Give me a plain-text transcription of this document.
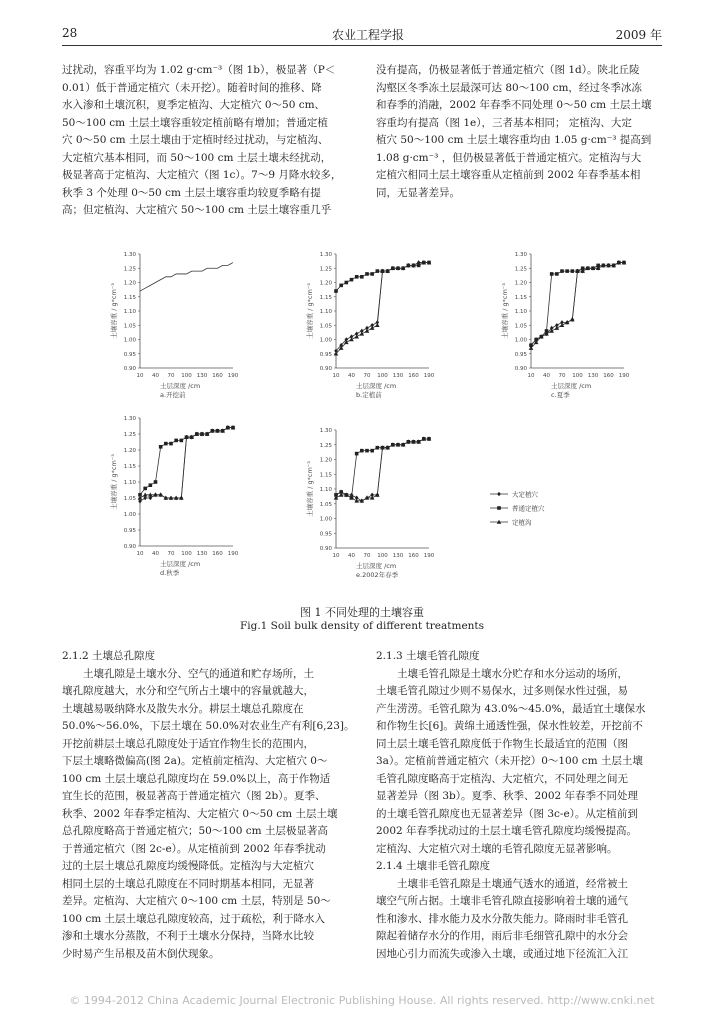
28	农业工程学报	2009 年

过扰动，容重平均为 1.02 g·cm⁻³（图 1b），极显著（P＜

0.01）低于普通定植穴（未开挖）。随着时间的推移、降

水入渗和土壤沉积，夏季定植沟、大定植穴 0～50 cm、

50～100 cm 土层土壤容重较定植前略有增加；普通定植

穴 0～50 cm 土层土壤由于定植时经过扰动，与定植沟、

大定植穴基本相同，而 50～100 cm 土层土壤未经扰动，

极显著高于定植沟、大定植穴（图 1c）。7～9 月降水较多，

秋季 3 个处理 0～50 cm 土层土壤容重均较夏季略有提

高；但定植沟、大定植穴 50～100 cm 土层土壤容重几乎

没有提高，仍极显著低于普通定植穴（图 1d）。陕北丘陵

沟壑区冬季冻土层最深可达 80～100 cm，经过冬季冰冻

和春季的消融，2002 年春季不同处理 0～50 cm 土层土壤

容重均有提高（图 1e），三者基本相同； 定植沟、大定

植穴 50～100 cm 土层土壤容重均由 1.05 g·cm⁻³ 提高到

1.08 g·cm⁻³ ，但仍极显著低于普通定植穴。定植沟与大

定植穴相同土层土壤容重从定植前到 2002 年春季基本相

同，无显著差异。

1.30
1.25
1.20
1.15
1.10
1.05
1.00
0.95
0.90
10 40 70 100 130 160 190
土壤容重 / g*cm⁻³
土层深度 /cm
a.开挖前
1.30
1.25
1.20
1.15
1.10
1.05
1.00
0.95
0.90
10 40 70 100 130 160 190
土壤容重 / g*cm⁻³
土层深度 /cm
b.定植前
1.30
1.25
1.20
1.15
1.10
1.05
1.00
0.95
0.90
10 40 70 100 130 160 190
土壤容重 / g*cm⁻³
土层深度 /cm
c.夏季
1.30
1.25
1.20
1.15
1.10
1.05
1.00
0.95
0.90
10 40 70 100 130 160 190
土壤容重 / g*cm⁻³
土层深度 /cm
d.秋季
1.30
1.25
1.20
1.15
1.10
1.05
1.00
0.95
0.90
10 40 70 100 130 160 190
土壤容重 / g*cm⁻³
土层深度 /cm
e.2002年春季
大定植穴
普通定植穴
定植沟
图 1 不同处理的土壤容重
Fig.1 Soil bulk density of different treatments

2.1.2 土壤总孔隙度

土壤孔隙是土壤水分、空气的通道和贮存场所，土

壤孔隙度越大，水分和空气所占土壤中的容量就越大，

土壤越易吸纳降水及散失水分。耕层土壤总孔隙度在

50.0%～56.0%，下层土壤在 50.0%对农业生产有利[6,23]。

开挖前耕层土壤总孔隙度处于适宜作物生长的范围内，

下层土壤略微偏高(图 2a)。定植前定植沟、大定植穴 0～

100 cm 土层土壤总孔隙度均在 59.0%以上，高于作物适

宜生长的范围，极显著高于普通定植穴（图 2b）。夏季、

秋季、2002 年春季定植沟、大定植穴 0～50 cm 土层土壤

总孔隙度略高于普通定植穴；50～100 cm 土层极显著高

于普通定植穴（图 2c-e）。从定植前到 2002 年春季扰动

过的土层土壤总孔隙度均缓慢降低。定植沟与大定植穴

相同土层的土壤总孔隙度在不同时期基本相同，无显著

差异。定植沟、大定植穴 0～100 cm 土层，特别是 50～

100 cm 土层土壤总孔隙度较高，过于疏松，利于降水入

渗和土壤水分蒸散，不利于土壤水分保持，当降水比较

少时易产生吊根及苗木倒伏现象。

2.1.3 土壤毛管孔隙度

土壤毛管孔隙是土壤水分贮存和水分运动的场所，

土壤毛管孔隙过少则不易保水，过多则保水性过强，易

产生涝涝。毛管孔隙为 43.0%～45.0%，最适宜土壤保水

和作物生长[6]。黄绵土通透性强，保水性较差，开挖前不

同土层土壤毛管孔隙度低于作物生长最适宜的范围（图

3a）。定植前普通定植穴（未开挖）0～100 cm 土层土壤

毛管孔隙度略高于定植沟、大定植穴，不同处理之间无

显著差异（图 3b）。夏季、秋季、2002 年春季不同处理

的土壤毛管孔隙度也无显著差异（图 3c-e）。从定植前到

2002 年春季扰动过的土层土壤毛管孔隙度均缓慢提高。

定植沟、大定植穴对土壤的毛管孔隙度无显著影响。

2.1.4 土壤非毛管孔隙度

土壤非毛管孔隙是土壤通气透水的通道，经常被土

壤空气所占据。土壤非毛管孔隙直接影响着土壤的通气

性和渗水、排水能力及水分散失能力。降雨时非毛管孔

隙起着储存水分的作用，雨后非毛细管孔隙中的水分会

因地心引力而流失或渗入土壤，或通过地下径流汇入江

© 1994-2012 China Academic Journal Electronic Publishing House. All rights reserved. http://www.cnki.net
